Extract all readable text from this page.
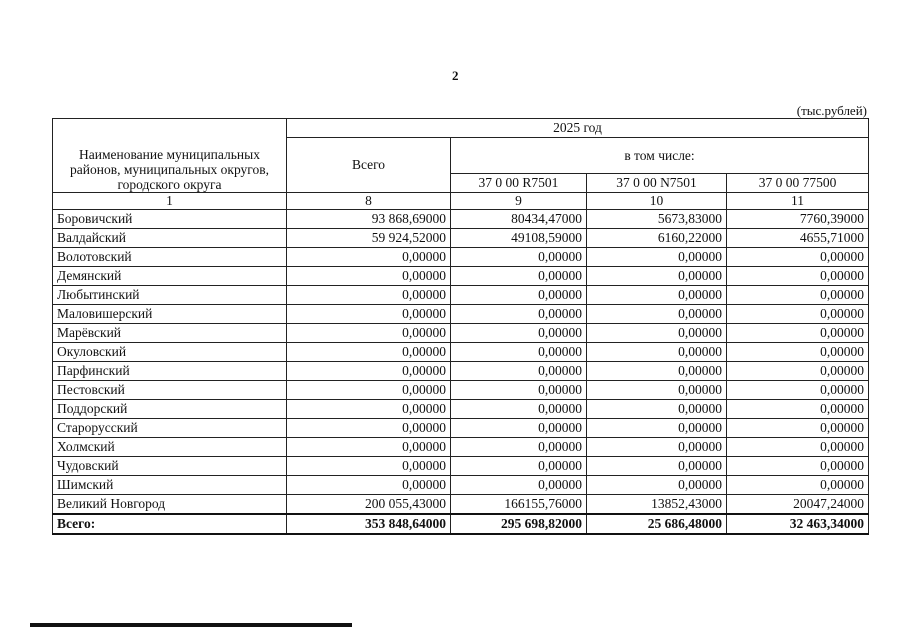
2
(тыс.рублей)
Наименование муниципальных районов, муниципальных округов, городского округа	2025 год			
	Всего	в том числе:		
		37 0 00 R7501	37 0 00 N7501	37 0 00 77500
1	8	9	10	11
Боровичский	93 868,69000	80434,47000	5673,83000	7760,39000
Валдайский	59 924,52000	49108,59000	6160,22000	4655,71000
Волотовский	0,00000	0,00000	0,00000	0,00000
Демянский	0,00000	0,00000	0,00000	0,00000
Любытинский	0,00000	0,00000	0,00000	0,00000
Маловишерский	0,00000	0,00000	0,00000	0,00000
Марёвский	0,00000	0,00000	0,00000	0,00000
Окуловский	0,00000	0,00000	0,00000	0,00000
Парфинский	0,00000	0,00000	0,00000	0,00000
Пестовский	0,00000	0,00000	0,00000	0,00000
Поддорский	0,00000	0,00000	0,00000	0,00000
Старорусский	0,00000	0,00000	0,00000	0,00000
Холмский	0,00000	0,00000	0,00000	0,00000
Чудовский	0,00000	0,00000	0,00000	0,00000
Шимский	0,00000	0,00000	0,00000	0,00000
Великий Новгород	200 055,43000	166155,76000	13852,43000	20047,24000
Всего:	353 848,64000	295 698,82000	25 686,48000	32 463,34000
